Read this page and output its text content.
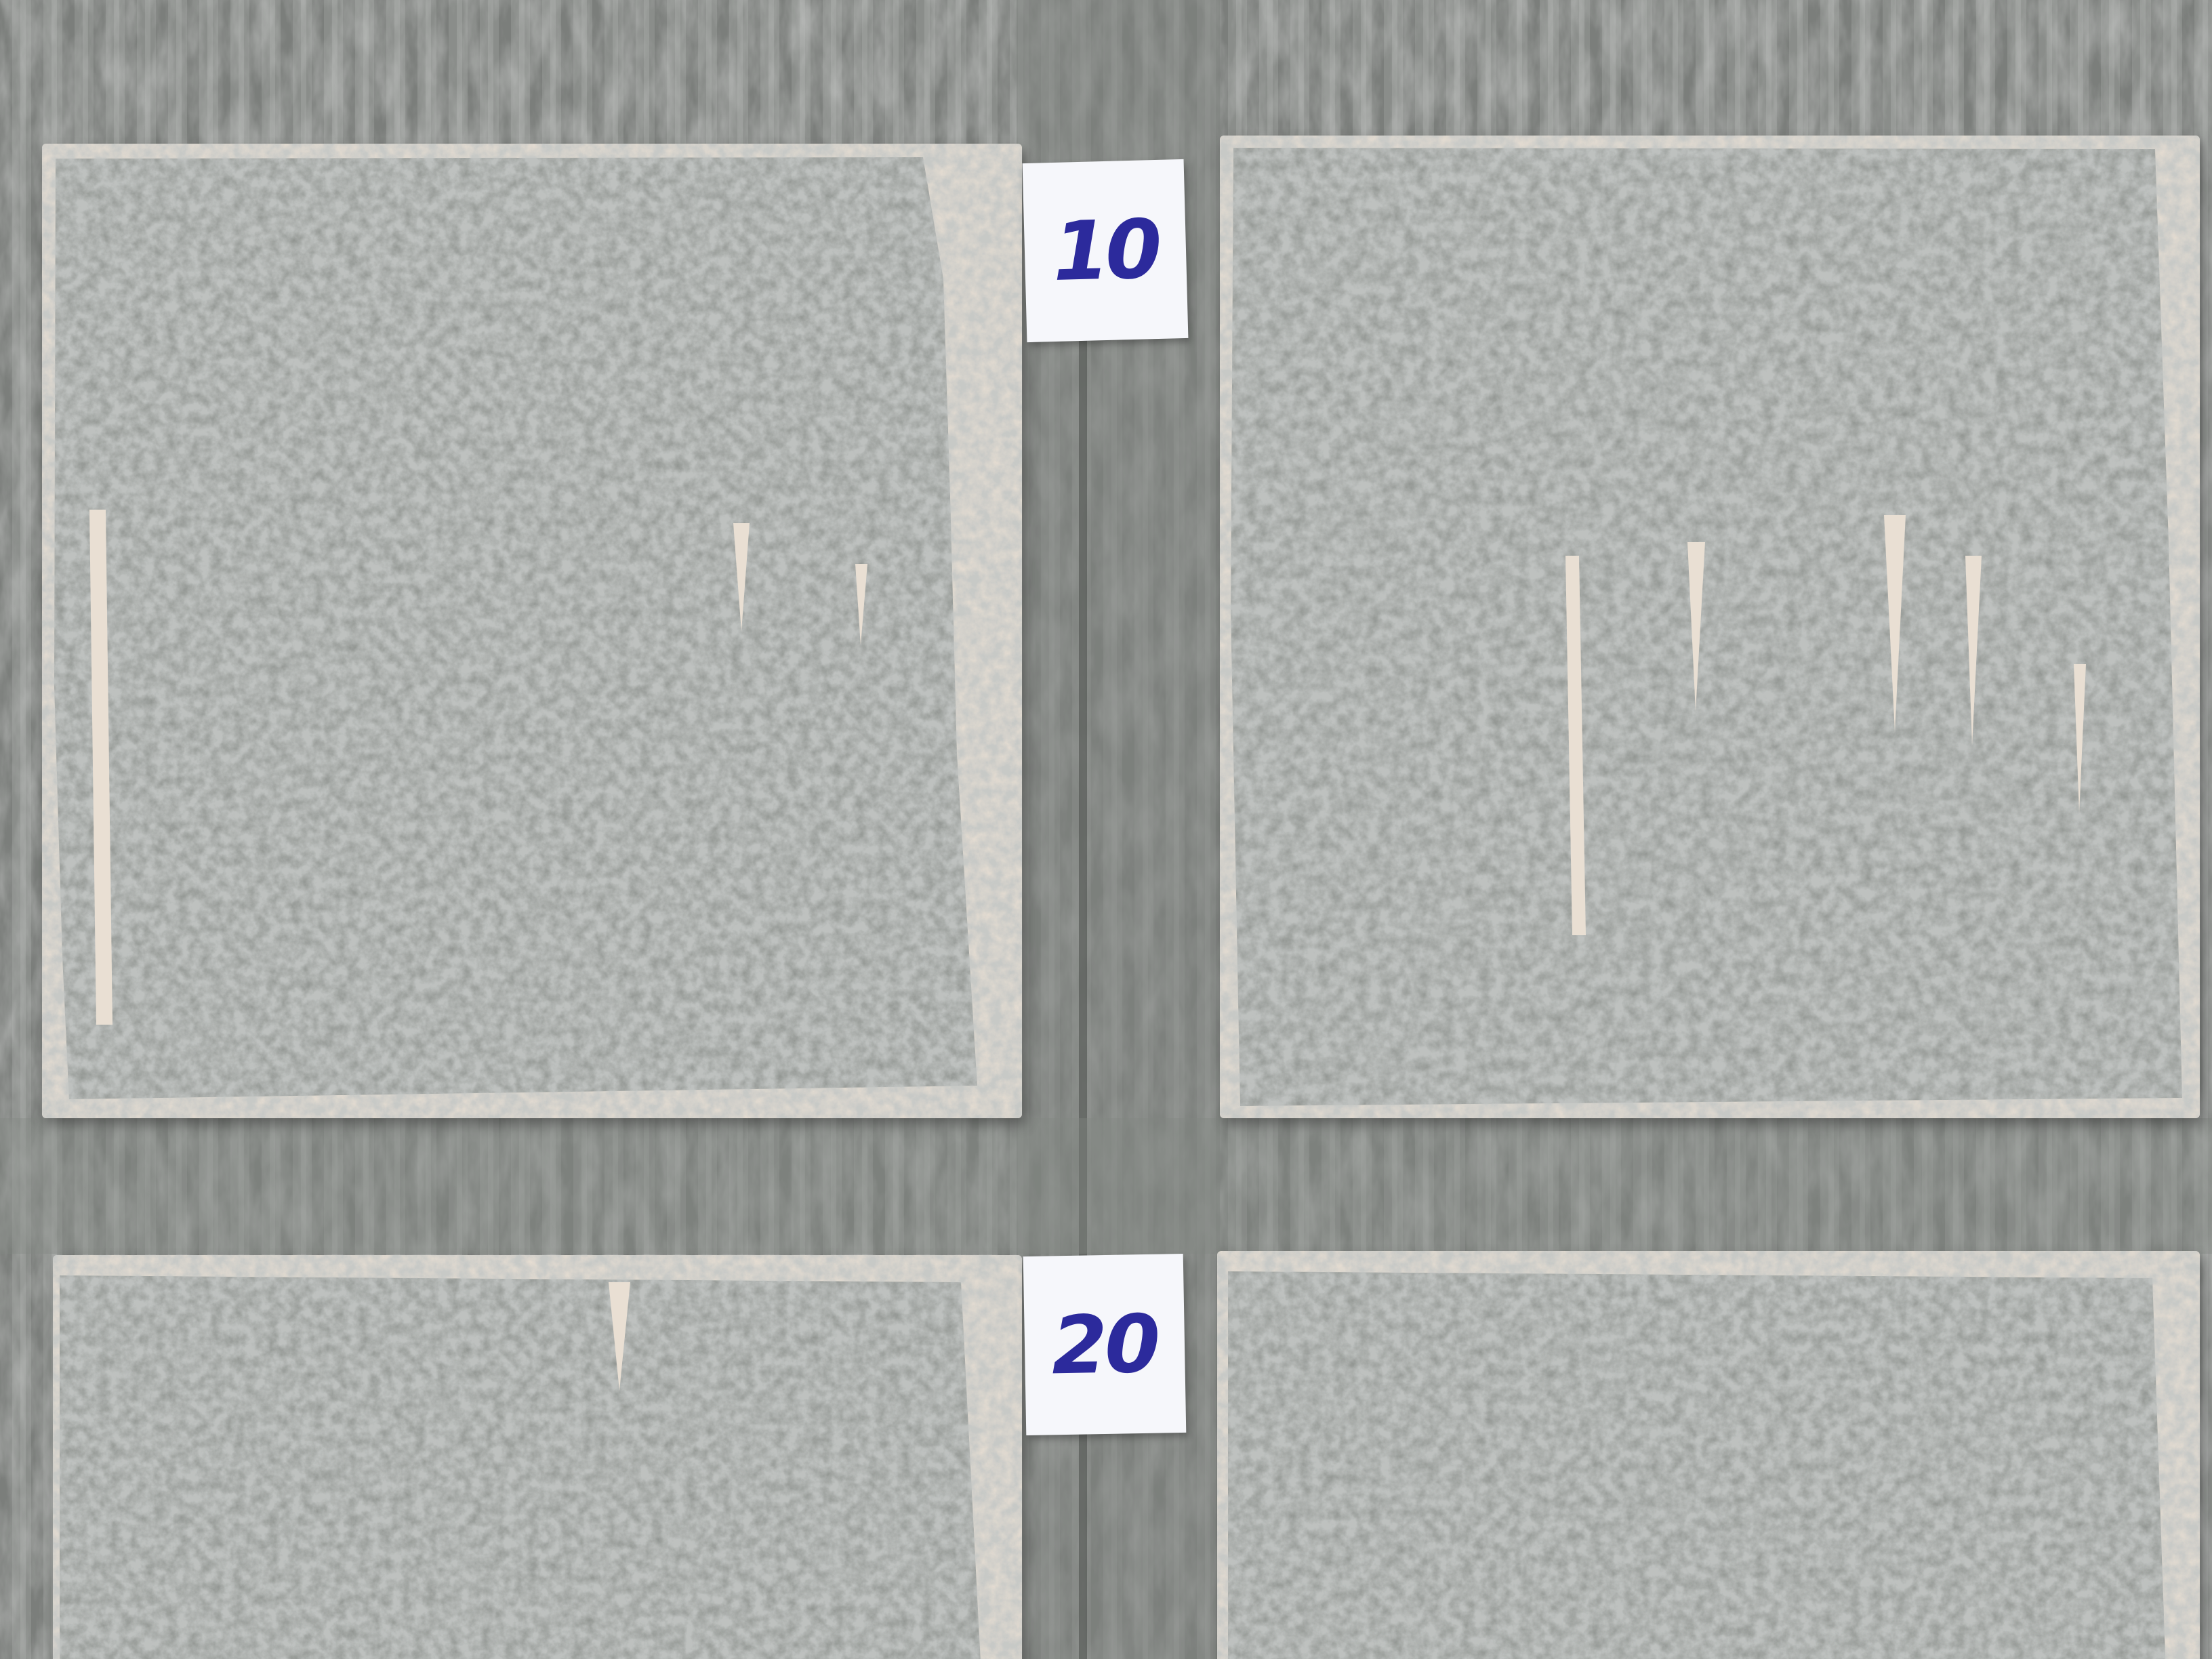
10
20
